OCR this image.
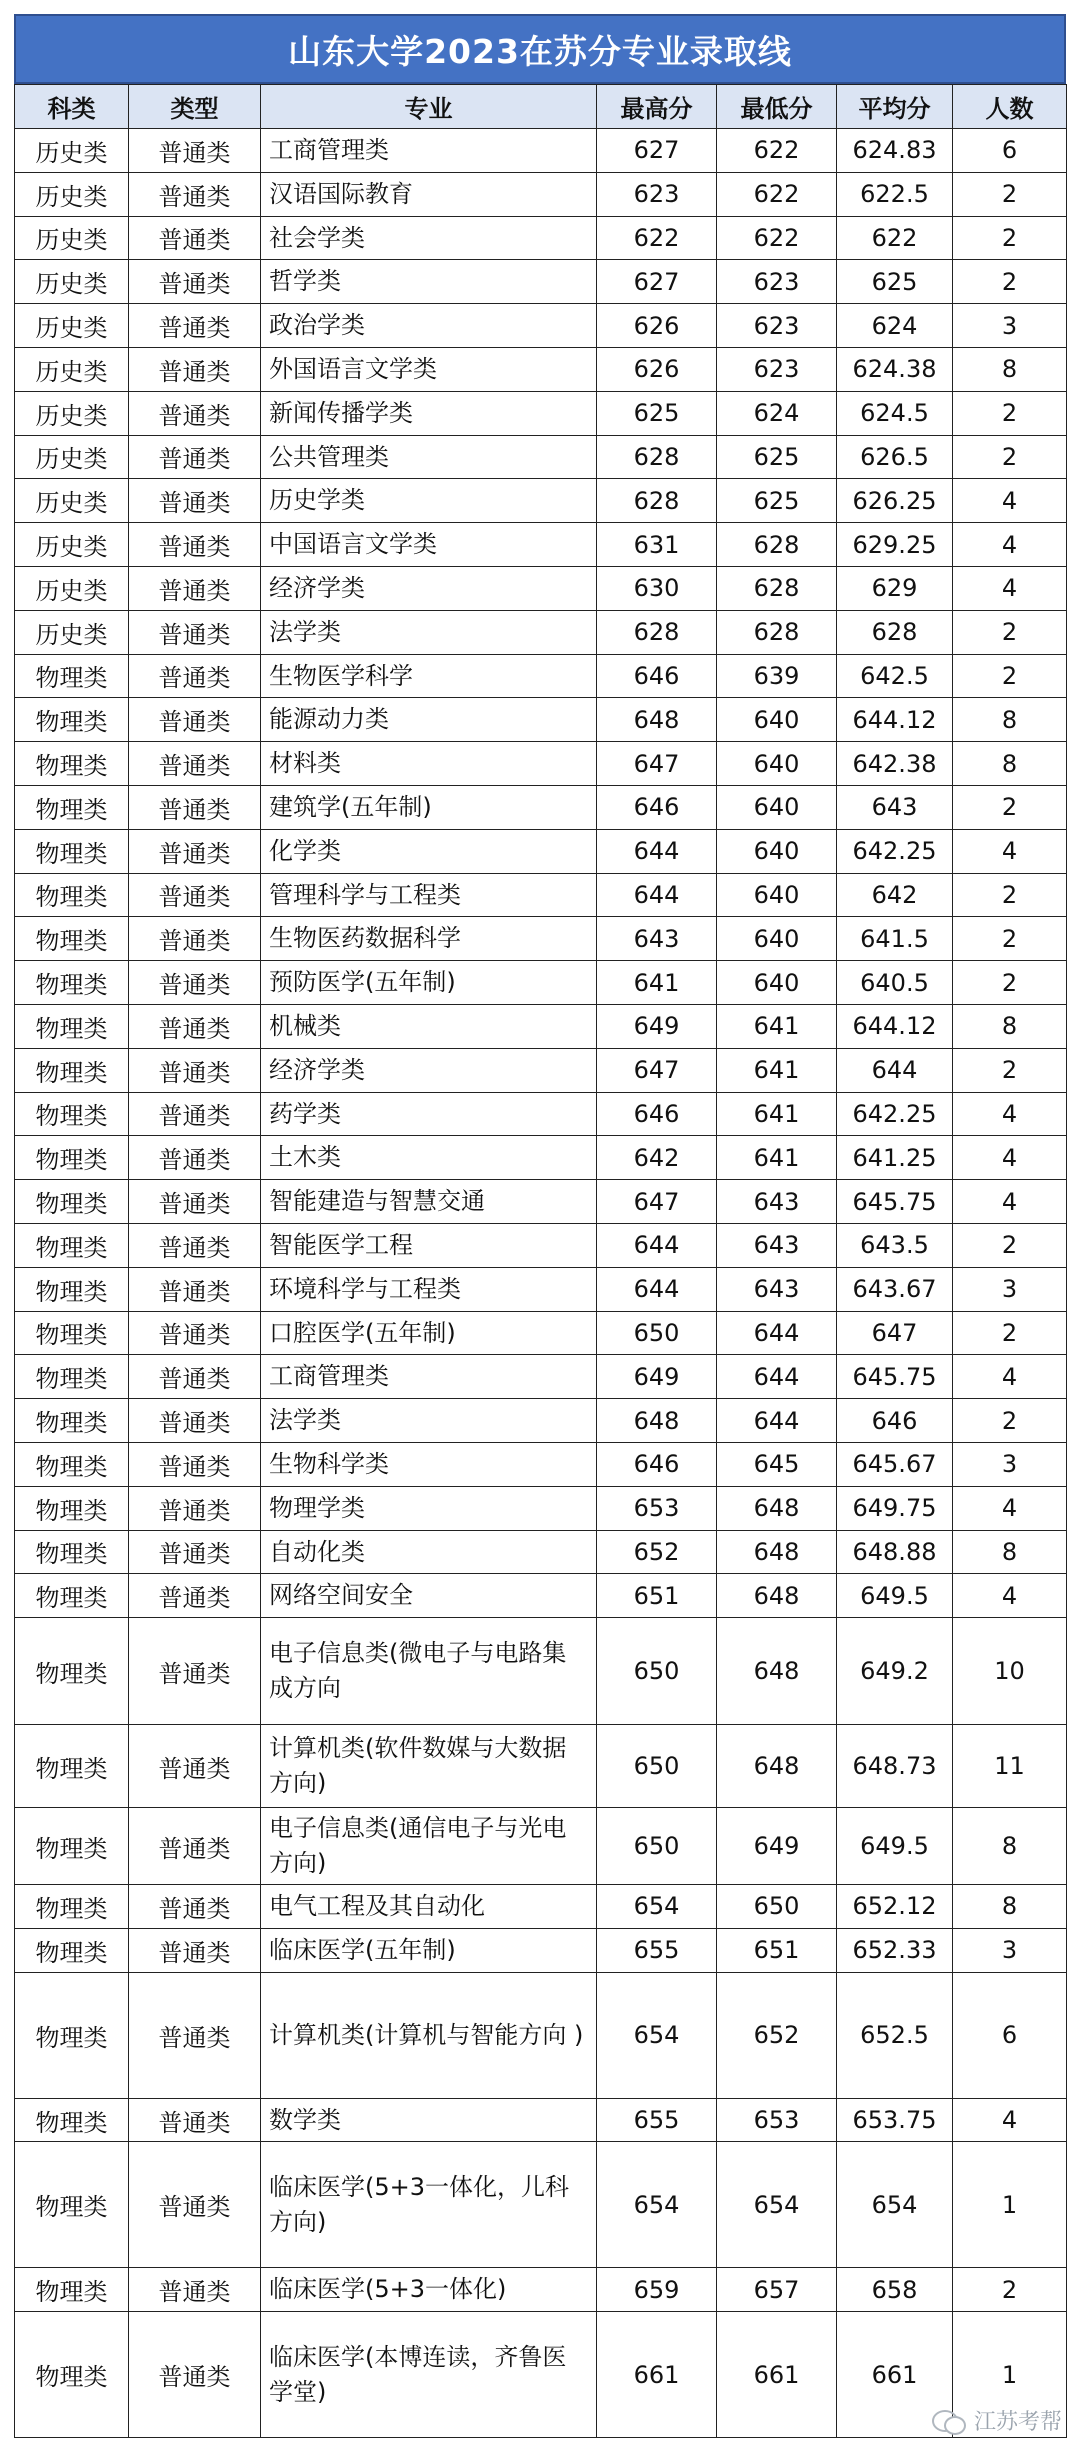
山东大学2023在苏分专业录取线
科类	类型	专业	最高分	最低分	平均分	人数
历史类	普通类	工商管理类	627	622	624.83	6
历史类	普通类	汉语国际教育	623	622	622.5	2
历史类	普通类	社会学类	622	622	622	2
历史类	普通类	哲学类	627	623	625	2
历史类	普通类	政治学类	626	623	624	3
历史类	普通类	外国语言文学类	626	623	624.38	8
历史类	普通类	新闻传播学类	625	624	624.5	2
历史类	普通类	公共管理类	628	625	626.5	2
历史类	普通类	历史学类	628	625	626.25	4
历史类	普通类	中国语言文学类	631	628	629.25	4
历史类	普通类	经济学类	630	628	629	4
历史类	普通类	法学类	628	628	628	2
物理类	普通类	生物医学科学	646	639	642.5	2
物理类	普通类	能源动力类	648	640	644.12	8
物理类	普通类	材料类	647	640	642.38	8
物理类	普通类	建筑学(五年制)	646	640	643	2
物理类	普通类	化学类	644	640	642.25	4
物理类	普通类	管理科学与工程类	644	640	642	2
物理类	普通类	生物医药数据科学	643	640	641.5	2
物理类	普通类	预防医学(五年制)	641	640	640.5	2
物理类	普通类	机械类	649	641	644.12	8
物理类	普通类	经济学类	647	641	644	2
物理类	普通类	药学类	646	641	642.25	4
物理类	普通类	土木类	642	641	641.25	4
物理类	普通类	智能建造与智慧交通	647	643	645.75	4
物理类	普通类	智能医学工程	644	643	643.5	2
物理类	普通类	环境科学与工程类	644	643	643.67	3
物理类	普通类	口腔医学(五年制)	650	644	647	2
物理类	普通类	工商管理类	649	644	645.75	4
物理类	普通类	法学类	648	644	646	2
物理类	普通类	生物科学类	646	645	645.67	3
物理类	普通类	物理学类	653	648	649.75	4
物理类	普通类	自动化类	652	648	648.88	8
物理类	普通类	网络空间安全	651	648	649.5	4
物理类	普通类	电子信息类(微电子与电路集成方向	650	648	649.2	10
物理类	普通类	计算机类(软件数媒与大数据方向)	650	648	648.73	11
物理类	普通类	电子信息类(通信电子与光电方向)	650	649	649.5	8
物理类	普通类	电气工程及其自动化	654	650	652.12	8
物理类	普通类	临床医学(五年制)	655	651	652.33	3
物理类	普通类	计算机类(计算机与智能方向 )	654	652	652.5	6
物理类	普通类	数学类	655	653	653.75	4
物理类	普通类	临床医学(5+3一体化，儿科方向)	654	654	654	1
物理类	普通类	临床医学(5+3一体化)	659	657	658	2
物理类	普通类	临床医学(本博连读，齐鲁医学堂)	661	661	661	1
江苏考帮
